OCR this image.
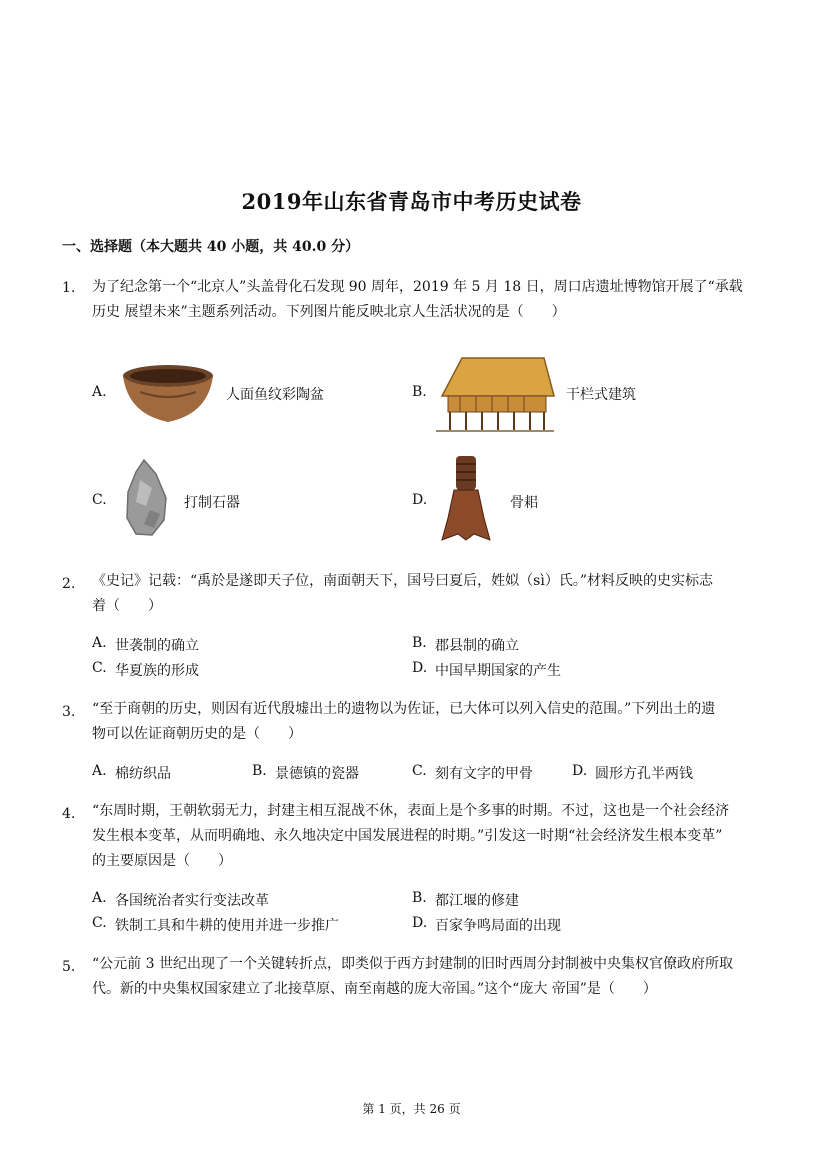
2019年山东省青岛市中考历史试卷
一、选择题（本大题共 40 小题，共 40.0 分）
1. 为了纪念第一个“北京人”头盖骨化石发现 90 周年，2019 年 5 月 18 日，周口店遗址博物馆开展了“承载
历史 展望未来”主题系列活动。下列图片能反映北京人生活状况的是（　　）
A.	人面鱼纹彩陶盆	B.	干栏式建筑
C.	打制石器	D.	骨耜
2. 《史记》记载：“禹於是遂即天子位，南面朝天下，国号曰夏后，姓姒（sì）氏。”材料反映的史实标志
着（　　）
A. 世袭制的确立	B. 郡县制的确立
C. 华夏族的形成	D. 中国早期国家的产生
3. “至于商朝的历史，则因有近代殷墟出土的遗物以为佐证，已大体可以列入信史的范围。”下列出土的遗
物可以佐证商朝历史的是（　　）
A. 棉纺织品	B. 景德镇的瓷器	C. 刻有文字的甲骨	D. 圆形方孔半两钱
4. “东周时期，王朝软弱无力，封建主相互混战不休，表面上是个多事的时期。不过，这也是一个社会经济
发生根本变革，从而明确地、永久地决定中国发展进程的时期。”引发这一时期“社会经济发生根本变革”
的主要原因是（　　）
A. 各国统治者实行变法改革	B. 都江堰的修建
C. 铁制工具和牛耕的使用并进一步推广	D. 百家争鸣局面的出现
5. “公元前 3 世纪出现了一个关键转折点，即类似于西方封建制的旧时西周分封制被中央集权官僚政府所取
代。新的中央集权国家建立了北接草原、南至南越的庞大帝国。”这个“庞大 帝国”是（　　）
第 1 页，共 26 页
